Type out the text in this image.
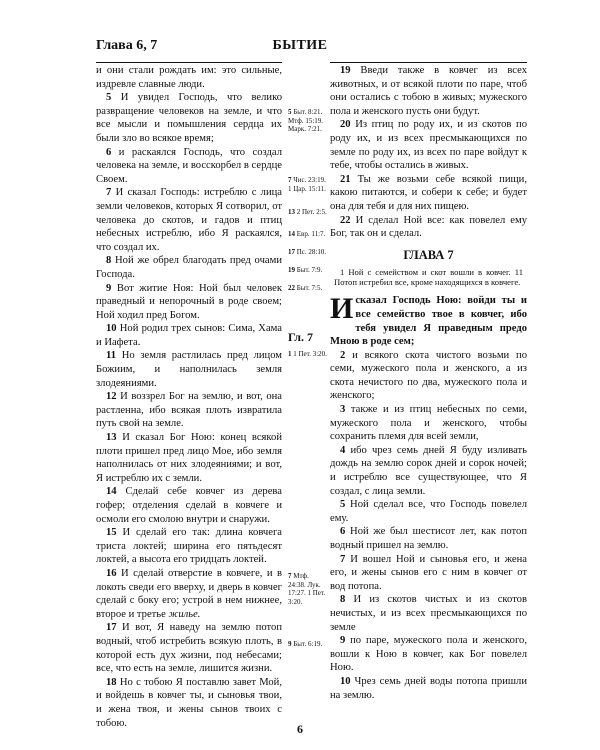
Глава 6, 7	БЫТИЕ

и они стали рождать им: это сильные, издревле славные люди.

5 И увидел Господь, что велико развращение человеков на земле, и что все мысли и помышления сердца их были зло во всякое время;

6 и раскаялся Господь, что создал человека на земле, и восскорбел в сердце Своем.

7 И сказал Господь: истреблю с лица земли человеков, которых Я сотворил, от человека до скотов, и гадов и птиц небесных истреблю, ибо Я раскаялся, что создал их.

8 Ной же обрел благодать пред очами Господа.

9 Вот житие Ноя: Ной был человек праведный и непорочный в роде своем; Ной ходил пред Богом.

10 Ной родил трех сынов: Сима, Хама и Иафета.

11 Но земля растлилась пред лицом Божиим, и наполнилась земля злодеяниями.

12 И воззрел Бог на землю, и вот, она растленна, ибо всякая плоть извратила путь свой на земле.

13 И сказал Бог Ною: конец всякой плоти пришел пред лицо Мое, ибо земля наполнилась от них злодеяниями; и вот, Я истреблю их с земли.

14 Сделай себе ковчег из дерева гофер; отделения сделай в ковчеге и осмоли его смолою внутри и снаружи.

15 И сделай его так: длина ковчега триста локтей; ширина его пятьдесят локтей, а высота его тридцать локтей.

16 И сделай отверстие в ковчеге, и в локоть сведи его вверху, и дверь в ковчег сделай с боку его; устрой в нем нижнее, второе и третье жилье.

17 И вот, Я наведу на землю потоп водный, чтоб истребить всякую плоть, в которой есть дух жизни, под небесами; все, что есть на земле, лишится жизни.

18 Но с тобою Я поставлю завет Мой, и войдешь в ковчег ты, и сыновья твои, и жена твоя, и жены сынов твоих с тобою.

5 Быт. 8:21. Мтф. 15:19. Марк. 7:21.
7 Чис. 23:19. 1 Цар. 15:11.
13 2 Пет. 2:5.
14 Евр. 11:7.
17 Пс. 28:10.
19 Быт. 7:9.
22 Быт. 7:5.
1 1 Пет. 3:20.
7 Мтф. 24:38. Лук. 17:27. 1 Пет. 3:20.
9 Быт. 6:19.
Гл. 7

19 Введи также в ковчег из всех животных, и от всякой плоти по паре, чтоб они остались с тобою в живых; мужеского пола и женского пусть они будут.

20 Из птиц по роду их, и из скотов по роду их, и из всех пресмыкающихся по земле по роду их, из всех по паре войдут к тебе, чтобы остались в живых.

21 Ты же возьми себе всякой пищи, какою питаются, и собери к себе; и будет она для тебя и для них пищею.

22 И сделал Ной все: как повелел ему Бог, так он и сделал.

ГЛАВА 7
1 Ной с семейством и скот вошли в ковчег. 11 Потоп истребил все, кроме находящихся в ковчеге.

Исказал Господь Ною: войди ты и все семейство твое в ковчег, ибо тебя увидел Я праведным предо Мною в роде сем;

2 и всякого скота чистого возьми по семи, мужеского пола и женского, а из скота нечистого по два, мужеского пола и женского;

3 также и из птиц небесных по семи, мужеского пола и женского, чтобы сохранить племя для всей земли,

4 ибо чрез семь дней Я буду изливать дождь на землю сорок дней и сорок ночей; и истреблю все существующее, что Я создал, с лица земли.

5 Ной сделал все, что Господь повелел ему.

6 Ной же был шестисот лет, как потоп водный пришел на землю.

7 И вошел Ной и сыновья его, и жена его, и жены сынов его с ним в ковчег от вод потопа.

8 И из скотов чистых и из скотов нечистых, и из всех пресмыкающихся по земле

9 по паре, мужеского пола и женского, вошли к Ною в ковчег, как Бог повелел Ною.

10 Чрез семь дней воды потопа пришли на землю.

6
